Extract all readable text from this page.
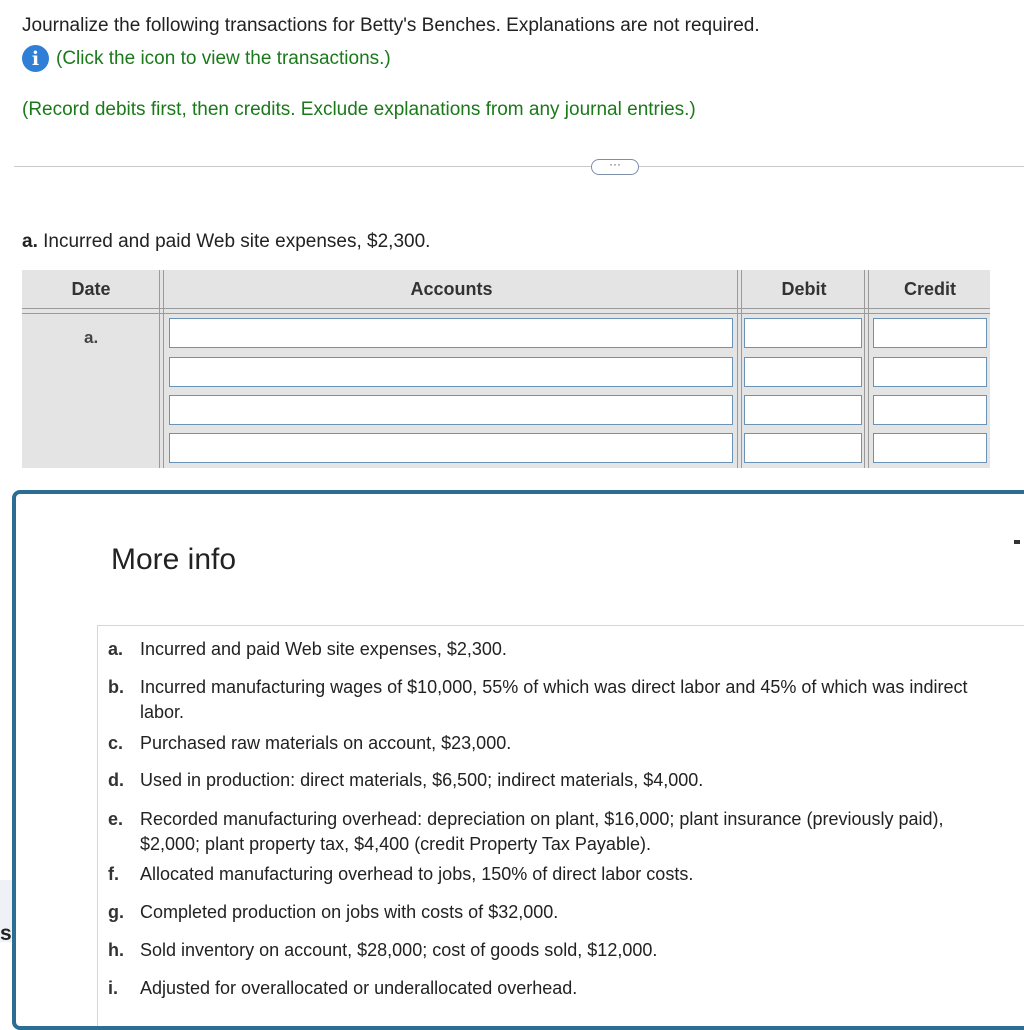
Journalize the following transactions for Betty's Benches. Explanations are not required.
i (Click the icon to view the transactions.)
(Record debits first, then credits. Exclude explanations from any journal entries.)
···
a. Incurred and paid Web site expenses, $2,300.
Date	Accounts	Debit	Credit
a.
s
More info
a. Incurred and paid Web site expenses, $2,300.
b. Incurred manufacturing wages of $10,000, 55% of which was direct labor and 45% of which was indirect labor.
c. Purchased raw materials on account, $23,000.
d. Used in production: direct materials, $6,500; indirect materials, $4,000.
e. Recorded manufacturing overhead: depreciation on plant, $16,000; plant insurance (previously paid), $2,000; plant property tax, $4,400 (credit Property Tax Payable).
f.	Allocated manufacturing overhead to jobs, 150% of direct labor costs.
g. Completed production on jobs with costs of $32,000.
h. Sold inventory on account, $28,000; cost of goods sold, $12,000.
i.	Adjusted for overallocated or underallocated overhead.
